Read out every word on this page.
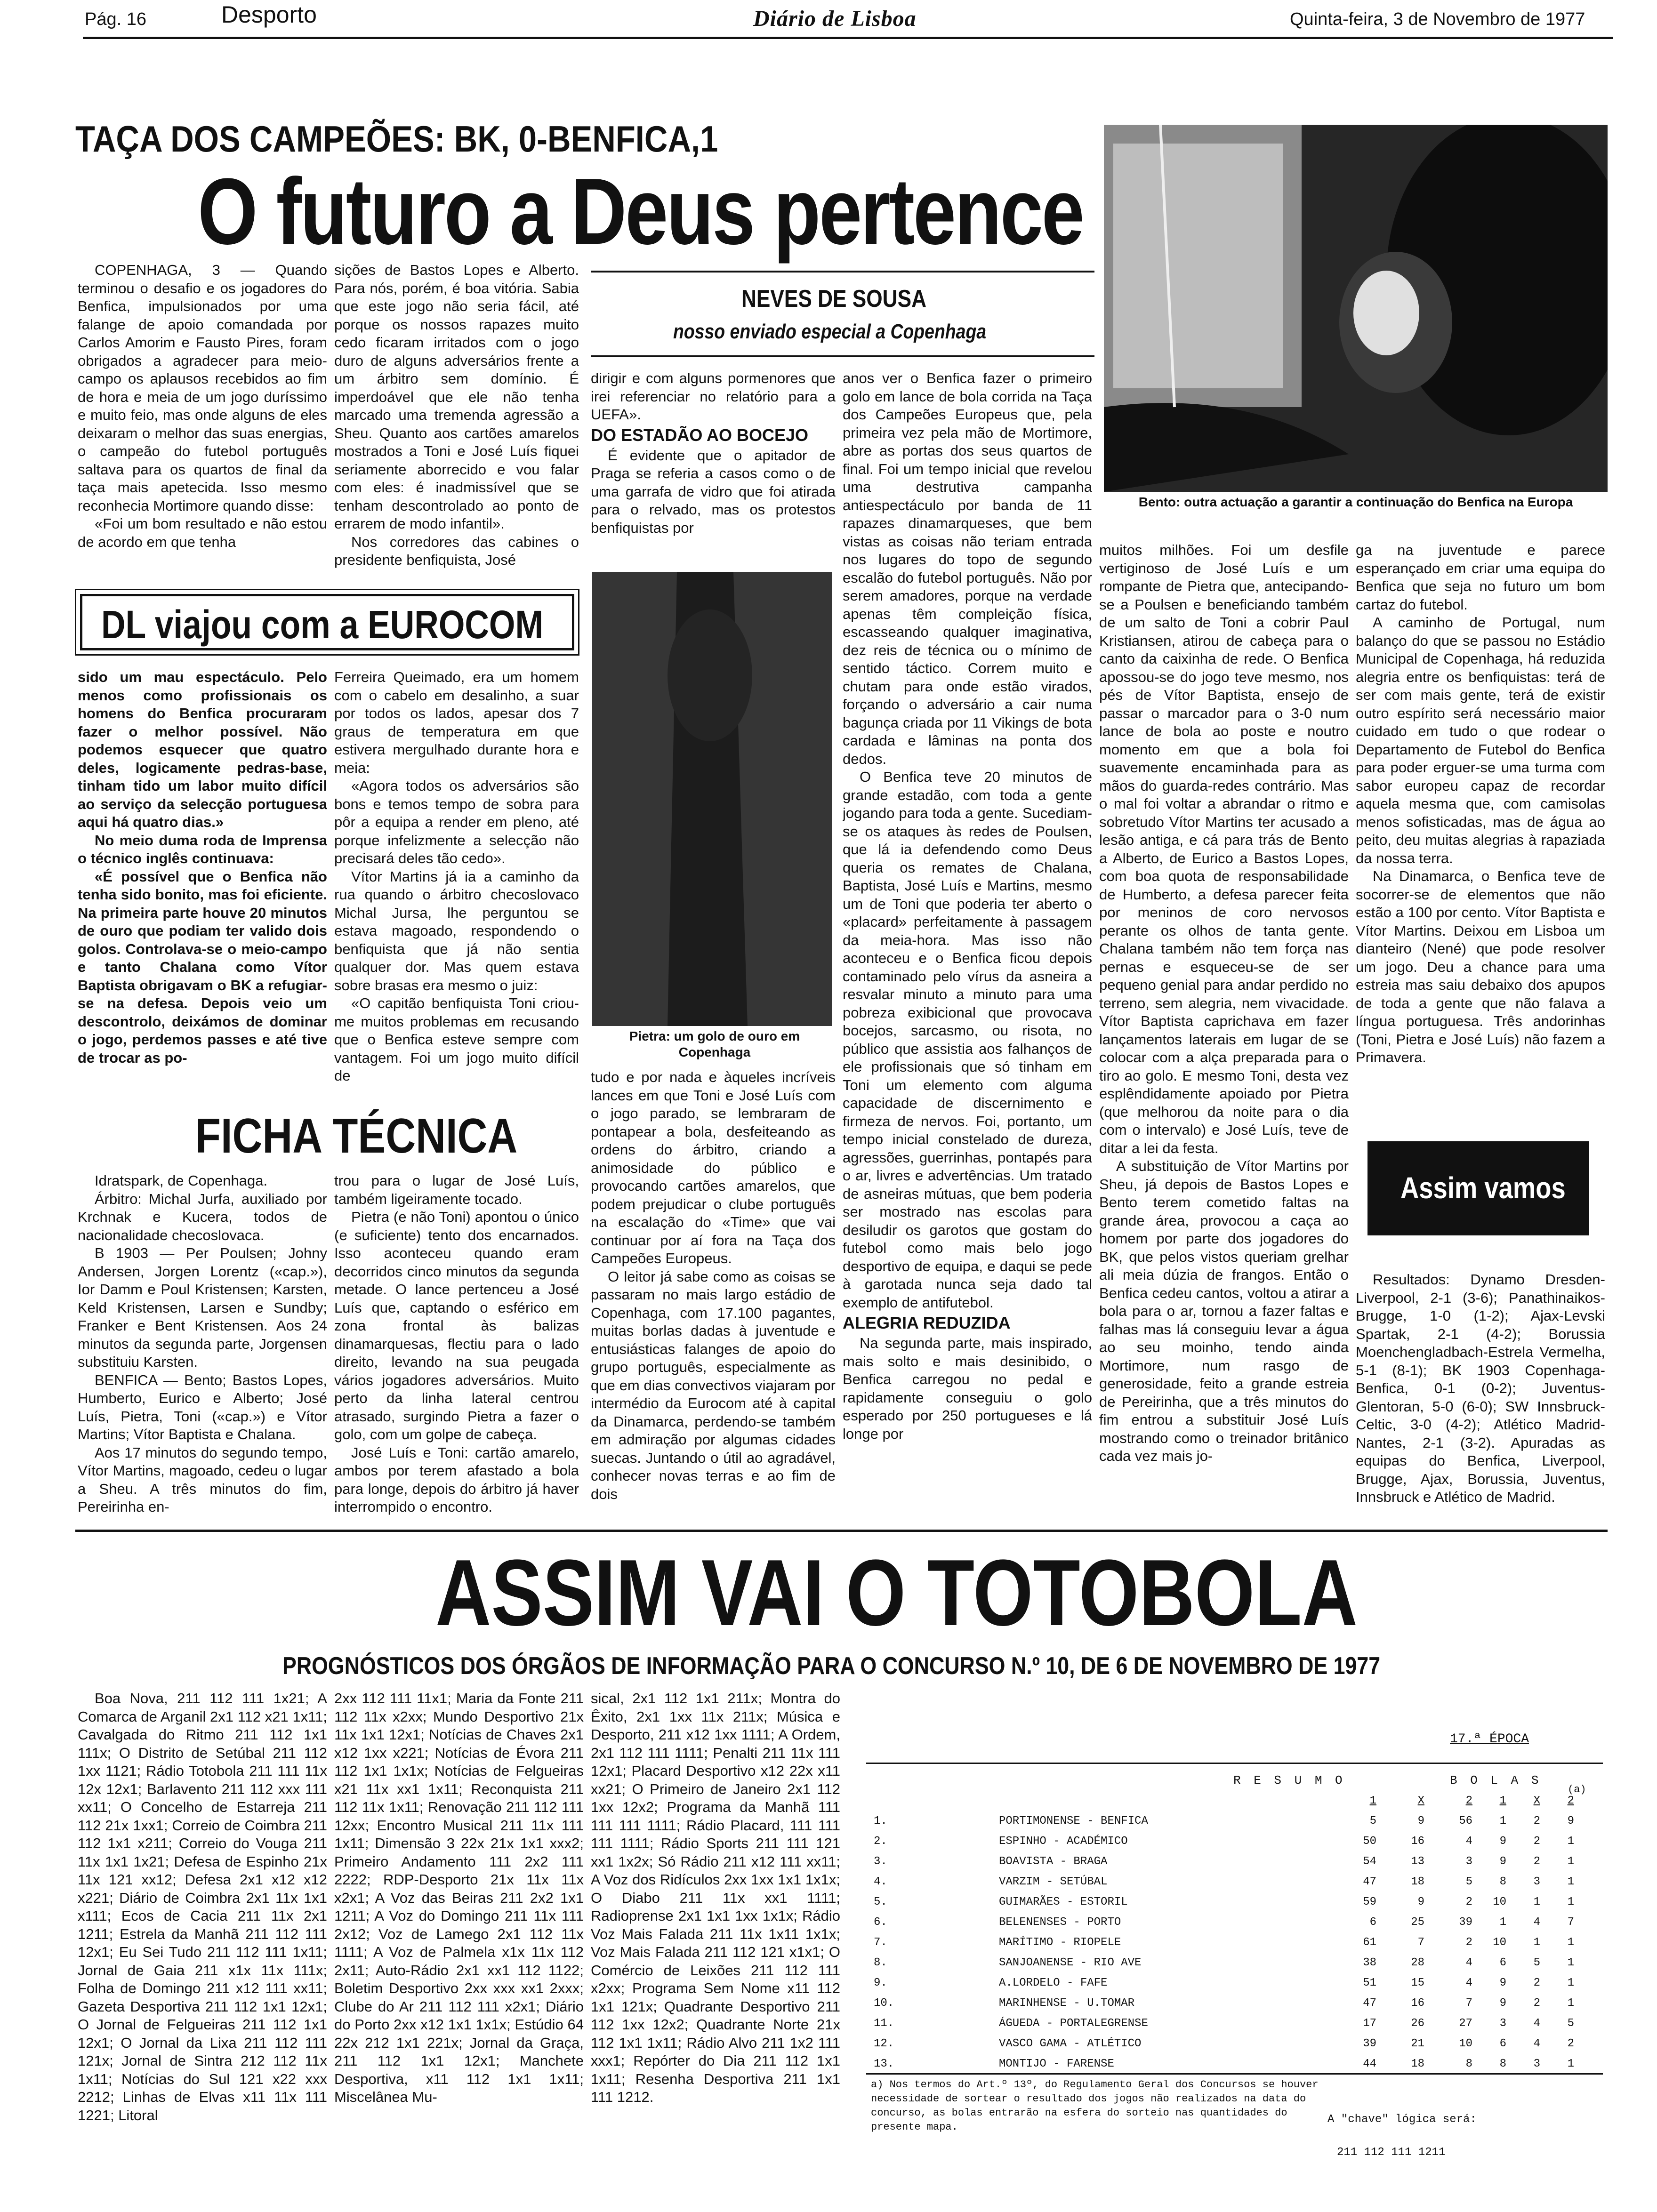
Pág. 16	Desporto	Diário de Lisboa	Quinta-feira, 3 de Novembro de 1977
TAÇA DOS CAMPEÕES: BK, 0-BENFICA,1
O futuro a Deus pertence
Bento: outra actuação a garantir a continuação do Benfica na Europa
NEVES DE SOUSA
nosso enviado especial a Copenhaga

COPENHAGA, 3 — Quando terminou o desafio e os jogadores do Benfica, impulsionados por uma falange de apoio comandada por Carlos Amorim e Fausto Pires, foram obrigados a agradecer para meio-campo os aplausos recebidos ao fim de hora e meia de um jogo duríssimo e muito feio, mas onde alguns de eles deixaram o melhor das suas energias, o campeão do futebol português saltava para os quartos de final da taça mais apetecida. Isso mesmo reconhecia Mortimore quando disse:

«Foi um bom resultado e não estou de acordo em que tenha

sições de Bastos Lopes e Alberto. Para nós, porém, é boa vitória. Sabia que este jogo não seria fácil, até porque os nossos rapazes muito cedo ficaram irritados com o jogo duro de alguns adversários frente a um árbitro sem domínio. É imperdoável que ele não tenha marcado uma tremenda agressão a Sheu. Quanto aos cartões amarelos mostrados a Toni e José Luís fiquei seriamente aborrecido e vou falar com eles: é inadmissível que se tenham descontrolado ao ponto de errarem de modo infantil».

Nos corredores das cabines o presidente benfiquista, José

DL viajou com a EUROCOM

sido um mau espectáculo. Pelo menos como profissionais os homens do Benfica procuraram fazer o melhor possível. Não podemos esquecer que quatro deles, logicamente pedras-base, tinham tido um labor muito difícil ao serviço da selecção portuguesa aqui há quatro dias.»

No meio duma roda de Imprensa o técnico inglês continuava:

«É possível que o Benfica não tenha sido bonito, mas foi eficiente. Na primeira parte houve 20 minutos de ouro que podiam ter valido dois golos. Controlava-se o meio-campo e tanto Chalana como Vítor Baptista obrigavam o BK a refugiar-se na defesa. Depois veio um descontrolo, deixámos de dominar o jogo, perdemos passes e até tive de trocar as po-

Ferreira Queimado, era um homem com o cabelo em desalinho, a suar por todos os lados, apesar dos 7 graus de temperatura em que estivera mergulhado durante hora e meia:

«Agora todos os adversários são bons e temos tempo de sobra para pôr a equipa a render em pleno, até porque infelizmente a selecção não precisará deles tão cedo».

Vítor Martins já ia a caminho da rua quando o árbitro checoslovaco Michal Jursa, lhe perguntou se estava magoado, respondendo o benfiquista que já não sentia qualquer dor. Mas quem estava sobre brasas era mesmo o juiz:

«O capitão benfiquista Toni criou-me muitos problemas em recusando que o Benfica esteve sempre com vantagem. Foi um jogo muito difícil de

dirigir e com alguns pormenores que irei referenciar no relatório para a UEFA».

DO ESTADÃO AO BOCEJO

É evidente que o apitador de Praga se referia a casos como o de uma garrafa de vidro que foi atirada para o relvado, mas os protestos benfiquistas por

Pietra: um golo de ouro em Copenhaga

tudo e por nada e àqueles incríveis lances em que Toni e José Luís com o jogo parado, se lembraram de pontapear a bola, desfeiteando as ordens do árbitro, criando a animosidade do público e provocando cartões amarelos, que podem prejudicar o clube português na escalação do «Time» que vai continuar por aí fora na Taça dos Campeões Europeus.

O leitor já sabe como as coisas se passaram no mais largo estádio de Copenhaga, com 17.100 pagantes, muitas borlas dadas à juventude e entusiásticas falanges de apoio do grupo português, especialmente as que em dias convectivos viajaram por intermédio da Eurocom até à capital da Dinamarca, perdendo-se também em admiração por algumas cidades suecas. Juntando o útil ao agradável, conhecer novas terras e ao fim de dois

anos ver o Benfica fazer o primeiro golo em lance de bola corrida na Taça dos Campeões Europeus que, pela primeira vez pela mão de Mortimore, abre as portas dos seus quartos de final. Foi um tempo inicial que revelou uma destrutiva campanha antiespectáculo por banda de 11 rapazes dinamarqueses, que bem vistas as coisas não teriam entrada nos lugares do topo de segundo escalão do futebol português. Não por serem amadores, porque na verdade apenas têm compleição física, escasseando qualquer imaginativa, dez reis de técnica ou o mínimo de sentido táctico. Correm muito e chutam para onde estão virados, forçando o adversário a cair numa bagunça criada por 11 Vikings de bota cardada e lâminas na ponta dos dedos.

O Benfica teve 20 minutos de grande estadão, com toda a gente jogando para toda a gente. Sucediam-se os ataques às redes de Poulsen, que lá ia defendendo como Deus queria os remates de Chalana, Baptista, José Luís e Martins, mesmo um de Toni que poderia ter aberto o «placard» perfeitamente à passagem da meia-hora. Mas isso não aconteceu e o Benfica ficou depois contaminado pelo vírus da asneira a resvalar minuto a minuto para uma pobreza exibicional que provocava bocejos, sarcasmo, ou risota, no público que assistia aos falhanços de ele profissionais que só tinham em Toni um elemento com alguma capacidade de discernimento e firmeza de nervos. Foi, portanto, um tempo inicial constelado de dureza, agressões, guerrinhas, pontapés para o ar, livres e advertências. Um tratado de asneiras mútuas, que bem poderia ser mostrado nas escolas para desiludir os garotos que gostam do futebol como mais belo jogo desportivo de equipa, e daqui se pede à garotada nunca seja dado tal exemplo de antifutebol.

ALEGRIA REDUZIDA

Na segunda parte, mais inspirado, mais solto e mais desinibido, o Benfica carregou no pedal e rapidamente conseguiu o golo esperado por 250 portugueses e lá longe por

muitos milhões. Foi um desfile vertiginoso de José Luís e um rompante de Pietra que, antecipando-se a Poulsen e beneficiando também de um salto de Toni a cobrir Paul Kristiansen, atirou de cabeça para o canto da caixinha de rede. O Benfica apossou-se do jogo teve mesmo, nos pés de Vítor Baptista, ensejo de passar o marcador para o 3-0 num lance de bola ao poste e noutro momento em que a bola foi suavemente encaminhada para as mãos do guarda-redes contrário. Mas o mal foi voltar a abrandar o ritmo e sobretudo Vítor Martins ter acusado a lesão antiga, e cá para trás de Bento a Alberto, de Eurico a Bastos Lopes, com boa quota de responsabilidade de Humberto, a defesa parecer feita por meninos de coro nervosos perante os olhos de tanta gente. Chalana também não tem força nas pernas e esqueceu-se de ser pequeno genial para andar perdido no terreno, sem alegria, nem vivacidade. Vítor Baptista caprichava em fazer lançamentos laterais em lugar de se colocar com a alça preparada para o tiro ao golo. E mesmo Toni, desta vez esplêndidamente apoiado por Pietra (que melhorou da noite para o dia com o intervalo) e José Luís, teve de ditar a lei da festa.

A substituição de Vítor Martins por Sheu, já depois de Bastos Lopes e Bento terem cometido faltas na grande área, provocou a caça ao homem por parte dos jogadores do BK, que pelos vistos queriam grelhar ali meia dúzia de frangos. Então o Benfica cedeu cantos, voltou a atirar a bola para o ar, tornou a fazer faltas e falhas mas lá conseguiu levar a água ao seu moinho, tendo ainda Mortimore, num rasgo de generosidade, feito a grande estreia de Pereirinha, que a três minutos do fim entrou a substituir José Luís mostrando como o treinador britânico cada vez mais jo-

ga na juventude e parece esperançado em criar uma equipa do Benfica que seja no futuro um bom cartaz do futebol.

A caminho de Portugal, num balanço do que se passou no Estádio Municipal de Copenhaga, há reduzida alegria entre os benfiquistas: terá de ser com mais gente, terá de existir outro espírito será necessário maior cuidado em tudo o que rodear o Departamento de Futebol do Benfica para poder erguer-se uma turma com sabor europeu capaz de recordar aquela mesma que, com camisolas menos sofisticadas, mas de água ao peito, deu muitas alegrias à rapaziada da nossa terra.

Na Dinamarca, o Benfica teve de socorrer-se de elementos que não estão a 100 por cento. Vítor Baptista e Vítor Martins. Deixou em Lisboa um dianteiro (Nené) que pode resolver um jogo. Deu a chance para uma estreia mas saiu debaixo dos apupos de toda a gente que não falava a língua portuguesa. Três andorinhas (Toni, Pietra e José Luís) não fazem a Primavera.

Assim vamos

Resultados: Dynamo Dresden-Liverpool, 2-1 (3-6); Panathinaikos-Brugge, 1-0 (1-2); Ajax-Levski Spartak, 2-1 (4-2); Borussia Moenchengladbach-Estrela Vermelha, 5-1 (8-1); BK 1903 Copenhaga-Benfica, 0-1 (0-2); Juventus-Glentoran, 5-0 (6-0); SW Innsbruck-Celtic, 3-0 (4-2); Atlético Madrid-Nantes, 2-1 (3-2). Apuradas as equipas do Benfica, Liverpool, Brugge, Ajax, Borussia, Juventus, Innsbruck e Atlético de Madrid.

FICHA TÉCNICA

Idratspark, de Copenhaga.

Árbitro: Michal Jurfa, auxiliado por Krchnak e Kucera, todos de nacionalidade checoslovaca.

B 1903 — Per Poulsen; Johny Andersen, Jorgen Lorentz («cap.»), Ior Damm e Poul Kristensen; Karsten, Keld Kristensen, Larsen e Sundby; Franker e Bent Kristensen. Aos 24 minutos da segunda parte, Jorgensen substituiu Karsten.

BENFICA — Bento; Bastos Lopes, Humberto, Eurico e Alberto; José Luís, Pietra, Toni («cap.») e Vítor Martins; Vítor Baptista e Chalana.

Aos 17 minutos do segundo tempo, Vítor Martins, magoado, cedeu o lugar a Sheu. A três minutos do fim, Pereirinha en-

trou para o lugar de José Luís, também ligeiramente tocado.

Pietra (e não Toni) apontou o único (e suficiente) tento dos encarnados. Isso aconteceu quando eram decorridos cinco minutos da segunda metade. O lance pertenceu a José Luís que, captando o esférico em zona frontal às balizas dinamarquesas, flectiu para o lado direito, levando na sua peugada vários jogadores adversários. Muito perto da linha lateral centrou atrasado, surgindo Pietra a fazer o golo, com um golpe de cabeça.

José Luís e Toni: cartão amarelo, ambos por terem afastado a bola para longe, depois do árbitro já haver interrompido o encontro.

ASSIM VAI O TOTOBOLA
PROGNÓSTICOS DOS ÓRGÃOS DE INFORMAÇÃO PARA O CONCURSO N.º 10, DE 6 DE NOVEMBRO DE 1977

Boa Nova, 211 112 111 1x21; A Comarca de Arganil 2x1 112 x21 1x11; Cavalgada do Ritmo 211 112 1x1 111x; O Distrito de Setúbal 211 112 1xx 1121; Rádio Totobola 211 111 11x 12x 12x1; Barlavento 211 112 xxx 111 xx11; O Concelho de Estarreja 211 112 21x 1xx1; Correio de Coimbra 211 112 1x1 x211; Correio do Vouga 211 11x 1x1 1x21; Defesa de Espinho 21x 11x 121 xx12; Defesa 2x1 x12 x12 x221; Diário de Coimbra 2x1 11x 1x1 x111; Ecos de Cacia 211 11x 2x1 1211; Estrela da Manhã 211 112 111 12x1; Eu Sei Tudo 211 112 111 1x11; Jornal de Gaia 211 x1x 11x 111x; Folha de Domingo 211 x12 111 xx11; Gazeta Desportiva 211 112 1x1 12x1; O Jornal de Felgueiras 211 112 1x1 12x1; O Jornal da Lixa 211 112 111 121x; Jornal de Sintra 212 112 11x 1x11; Notícias do Sul 121 x22 xxx 2212; Linhas de Elvas x11 11x 111 1221; Litoral

2xx 112 111 11x1; Maria da Fonte 211 112 11x x2xx; Mundo Desportivo 21x 11x 1x1 12x1; Notícias de Chaves 2x1 x12 1xx x221; Notícias de Évora 211 112 1x1 1x1x; Notícias de Felgueiras x21 11x xx1 1x11; Reconquista 211 112 11x 1x11; Renovação 211 112 111 12xx; Encontro Musical 211 11x 111 1x11; Dimensão 3 22x 21x 1x1 xxx2; Primeiro Andamento 111 2x2 111 2222; RDP-Desporto 21x 11x 11x x2x1; A Voz das Beiras 211 2x2 1x1 1211; A Voz do Domingo 211 11x 111 2x12; Voz de Lamego 2x1 112 11x 1111; A Voz de Palmela x1x 11x 112 2x11; Auto-Rádio 2x1 xx1 112 1122; Boletim Desportivo 2xx xxx xx1 2xxx; Clube do Ar 211 112 111 x2x1; Diário do Porto 2xx x12 1x1 1x1x; Estúdio 64 22x 212 1x1 221x; Jornal da Graça, 211 112 1x1 12x1; Manchete Desportiva, x11 112 1x1 1x11; Miscelânea Mu-

sical, 2x1 112 1x1 211x; Montra do Êxito, 2x1 1xx 11x 211x; Música e Desporto, 211 x12 1xx 1111; A Ordem, 2x1 112 111 1111; Penalti 211 11x 111 12x1; Placard Desportivo x12 22x x11 xx21; O Primeiro de Janeiro 2x1 112 1xx 12x2; Programa da Manhã 111 111 111 1111; Rádio Placard, 111 111 111 1111; Rádio Sports 211 111 121 xx1 1x2x; Só Rádio 211 x12 111 xx11; A Voz dos Ridículos 2xx 1xx 1x1 1x1x; O Diabo 211 11x xx1 1111; Radioprense 2x1 1x1 1xx 1x1x; Rádio Voz Mais Falada 211 11x 1x11 1x1x; Voz Mais Falada 211 112 121 x1x1; O Comércio de Leixões 211 112 111 x2xx; Programa Sem Nome x11 112 1x1 121x; Quadrante Desportivo 211 112 1xx 12x2; Quadrante Norte 21x 112 1x1 1x11; Rádio Alvo 211 1x2 111 xxx1; Repórter do Dia 211 112 1x1 1x11; Resenha Desportiva 211 1x1 111 1212.

17.ª ÉPOCA
R E S U M O	B O L A S
(a)
		1	X	2	1	X	2
1.	PORTIMONENSE - BENFICA	5	9	56	1	2	9
2.	ESPINHO - ACADÉMICO	50	16	4	9	2	1
3.	BOAVISTA - BRAGA	54	13	3	9	2	1
4.	VARZIM - SETÚBAL	47	18	5	8	3	1
5.	GUIMARÃES - ESTORIL	59	9	2	10	1	1
6.	BELENENSES - PORTO	6	25	39	1	4	7
7.	MARÍTIMO - RIOPELE	61	7	2	10	1	1
8.	SANJOANENSE - RIO AVE	38	28	4	6	5	1
9.	A.LORDELO - FAFE	51	15	4	9	2	1
10.	MARINHENSE - U.TOMAR	47	16	7	9	2	1
11.	ÁGUEDA - PORTALEGRENSE	17	26	27	3	4	5
12.	VASCO GAMA - ATLÉTICO	39	21	10	6	4	2
13.	MONTIJO - FARENSE	44	18	8	8	3	1
a) Nos termos do Art.º 13º, do Regulamento Geral dos Concursos se houver necessidade de sortear o resultado dos jogos não realizados na data do concurso, as bolas entrarão na esfera do sorteio nas quantidades do presente mapa.
A "chave" lógica será:
211 112 111 1211
